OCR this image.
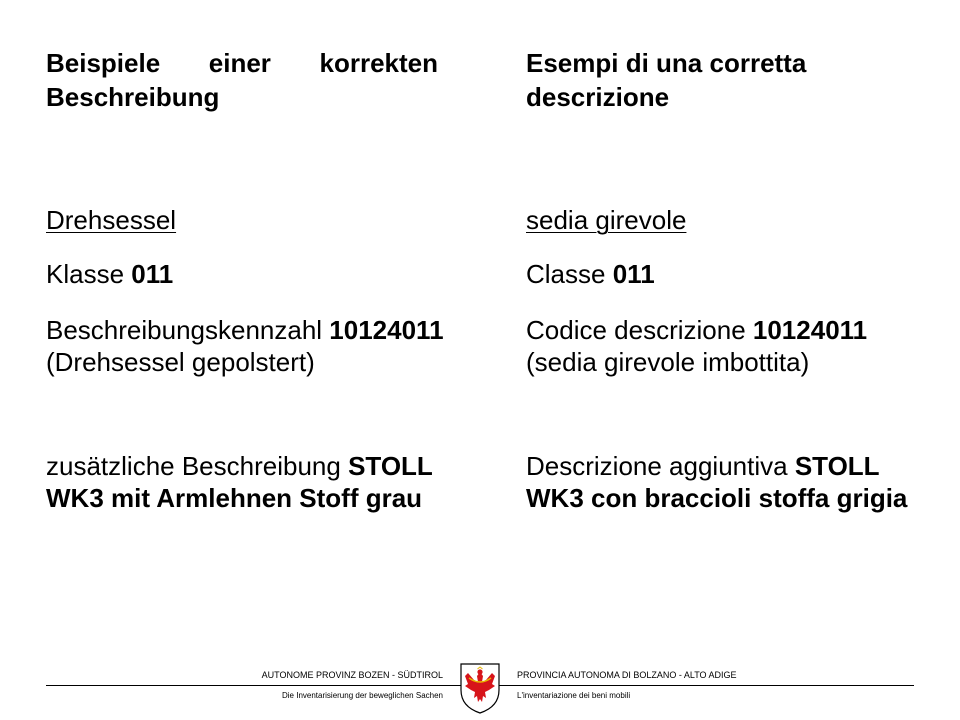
Beispiele einer korrekten Beschreibung

Drehsessel
Klasse 011
Beschreibungskennzahl 10124011 (Drehsessel gepolstert)
zusätzliche Beschreibung STOLL WK3 mit Armlehnen Stoff grau

Esempi di una corretta descrizione

sedia girevole
Classe 011
Codice descrizione 10124011 (sedia girevole imbottita)
Descrizione aggiuntiva STOLL WK3 con braccioli stoffa grigia
AUTONOME PROVINZ BOZEN - SÜDTIROL	PROVINCIA AUTONOMA DI BOLZANO - ALTO ADIGE
Die Inventarisierung der beweglichen Sachen	L'inventariazione dei beni mobili
